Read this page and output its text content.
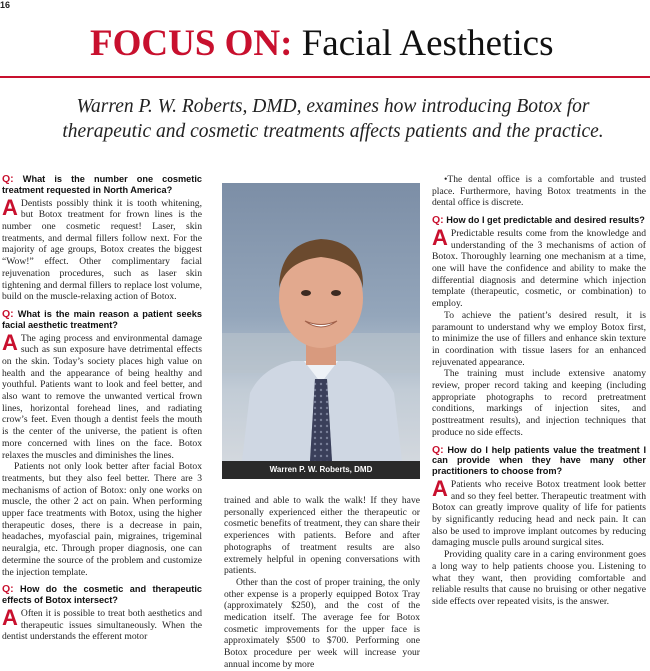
16
FOCUS ON: Facial Aesthetics
Warren P. W. Roberts, DMD, examines how introducing Botox for therapeutic and cosmetic treatments affects patients and the practice.

Q: What is the number one cosmetic treatment requested in North America?

A Dentists possibly think it is tooth whitening, but Botox treatment for frown lines is the number one cosmetic request! Laser, skin treatments, and dermal fillers follow next. For the majority of age groups, Botox creates the biggest “Wow!” effect. Other complimentary facial rejuvenation procedures, such as laser skin tightening and dermal fillers to replace lost volume, build on the muscle-relaxing action of Botox.

Q: What is the main reason a patient seeks facial aesthetic treatment?

A The aging process and environmental damage such as sun exposure have detrimental effects on the skin. Today’s society places high value on health and the appearance of being healthy and youthful. Patients want to look and feel better, and also want to remove the unwanted vertical frown lines, horizontal forehead lines, and radiating crow’s feet. Even though a dentist feels the mouth is the center of the universe, the patient is often more concerned with lines on the face. Botox relaxes the muscles and diminishes the lines.

Patients not only look better after facial Botox treatments, but they also feel better. There are 3 mechanisms of action of Botox: only one works on muscle, the other 2 act on pain. When performing upper face treatments with Botox, using the higher therapeutic doses, there is a decrease in pain, headaches, myofascial pain, migraines, trigeminal neuralgia, etc. Through proper diagnosis, one can determine the source of the problem and customize the injection template.

Q: How do the cosmetic and therapeutic effects of Botox intersect?

A Often it is possible to treat both aesthetics and therapeutic issues simultaneously. When the dentist understands the efferent motor

Warren P. W. Roberts, DMD

trained and able to walk the walk! If they have personally experienced either the therapeutic or cosmetic benefits of treatment, they can share their experiences with patients. Before and after photographs of treatment results are also extremely helpful in opening conversations with patients.

Other than the cost of proper training, the only other expense is a properly equipped Botox Tray (approximately $250), and the cost of the medication itself. The average fee for Botox cosmetic improvements for the upper face is approximately $500 to $700. Performing one Botox procedure per week will increase your annual income by more

•The dental office is a comfortable and trusted place. Furthermore, having Botox treatments in the dental office is discrete.

Q: How do I get predictable and desired results?

A Predictable results come from the knowledge and understanding of the 3 mechanisms of action of Botox. Thoroughly learning one mechanism at a time, one will have the confidence and ability to make the differential diagnosis and determine which injection template (therapeutic, cosmetic, or combination) to employ.

To achieve the patient’s desired result, it is paramount to understand why we employ Botox first, to minimize the use of fillers and enhance skin texture in coordination with tissue lasers for an enhanced rejuvenated appearance.

The training must include extensive anatomy review, proper record taking and keeping (including appropriate photographs to record pretreatment conditions, markings of injection sites, and posttreatment results), and injection techniques that produce no side effects.

Q: How do I help patients value the treatment I can provide when they have many other practitioners to choose from?

A Patients who receive Botox treatment look better and so they feel better. Therapeutic treatment with Botox can greatly improve quality of life for patients by significantly reducing head and neck pain. It can also be used to improve implant outcomes by reducing damaging muscle pulls around surgical sites.

Providing quality care in a caring environment goes a long way to help patients choose you. Listening to what they want, then providing comfortable and reliable results that cause no bruising or other negative side effects over repeated visits, is the answer.
